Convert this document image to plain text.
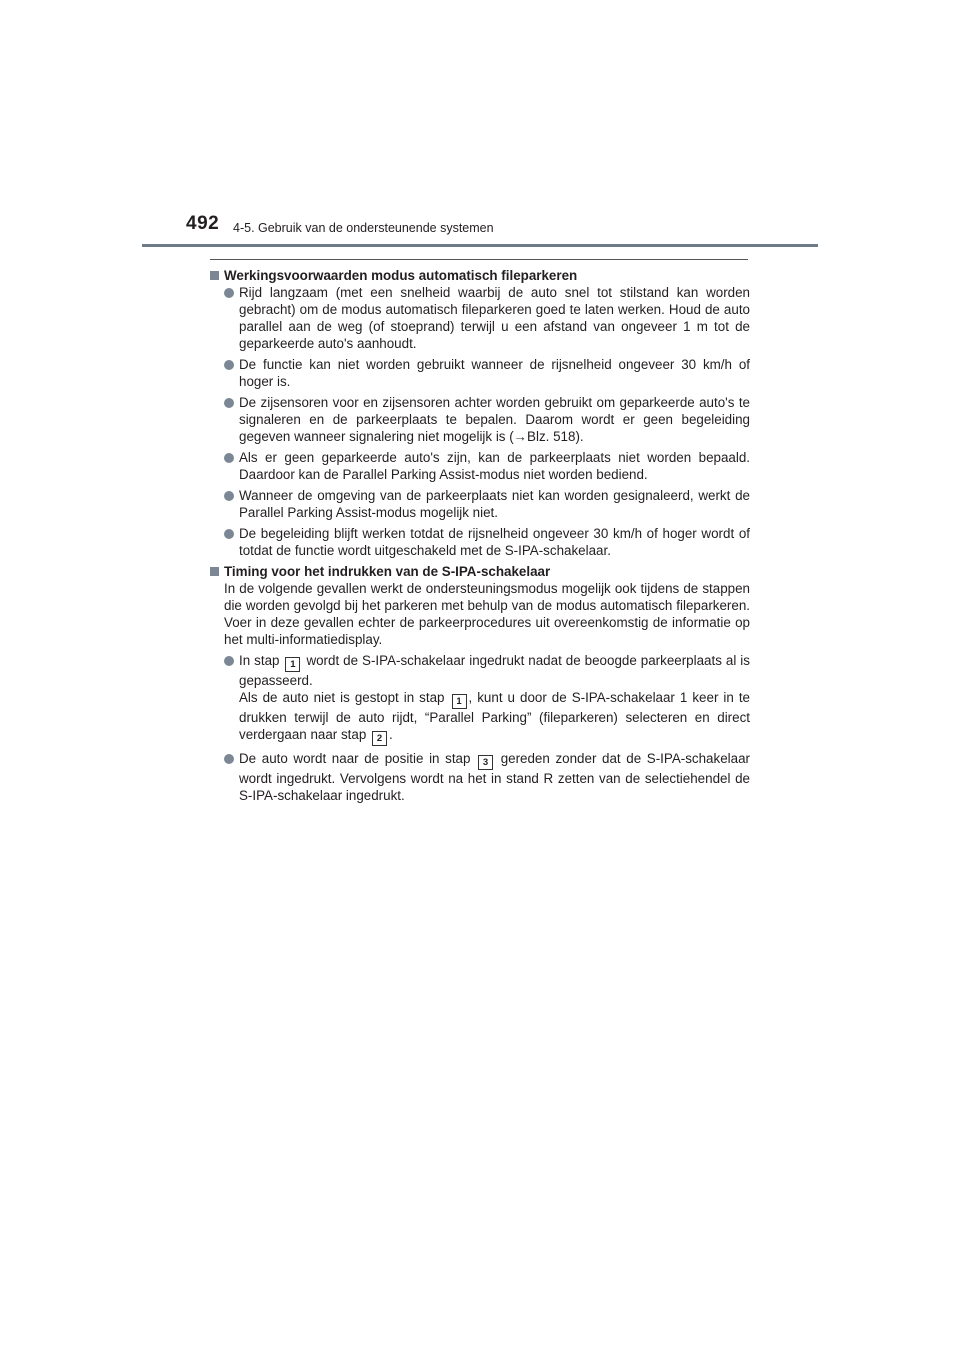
492 4-5. Gebruik van de ondersteunende systemen
Werkingsvoorwaarden modus automatisch fileparkeren
Rijd langzaam (met een snelheid waarbij de auto snel tot stilstand kan worden gebracht) om de modus automatisch fileparkeren goed te laten werken. Houd de auto parallel aan de weg (of stoeprand) terwijl u een afstand van ongeveer 1 m tot de geparkeerde auto's aanhoudt.
De functie kan niet worden gebruikt wanneer de rijsnelheid ongeveer 30 km/h of hoger is.
De zijsensoren voor en zijsensoren achter worden gebruikt om geparkeerde auto's te signaleren en de parkeerplaats te bepalen. Daarom wordt er geen begeleiding gegeven wanneer signalering niet mogelijk is (→Blz. 518).
Als er geen geparkeerde auto's zijn, kan de parkeerplaats niet worden bepaald. Daardoor kan de Parallel Parking Assist-modus niet worden bediend.
Wanneer de omgeving van de parkeerplaats niet kan worden gesignaleerd, werkt de Parallel Parking Assist-modus mogelijk niet.
De begeleiding blijft werken totdat de rijsnelheid ongeveer 30 km/h of hoger wordt of totdat de functie wordt uitgeschakeld met de S-IPA-schakelaar.
Timing voor het indrukken van de S-IPA-schakelaar
In de volgende gevallen werkt de ondersteuningsmodus mogelijk ook tijdens de stappen die worden gevolgd bij het parkeren met behulp van de modus automatisch fileparkeren. Voer in deze gevallen echter de parkeerprocedures uit overeenkomstig de informatie op het multi-informatiedisplay.
In stap 1 wordt de S-IPA-schakelaar ingedrukt nadat de beoogde parkeerplaats al is gepasseerd.
Als de auto niet is gestopt in stap 1 , kunt u door de S-IPA-schakelaar 1 keer in te drukken terwijl de auto rijdt, “Parallel Parking” (fileparkeren) selecteren en direct verdergaan naar stap 2 .
De auto wordt naar de positie in stap 3 gereden zonder dat de S-IPA-schakelaar wordt ingedrukt. Vervolgens wordt na het in stand R zetten van de selectiehendel de S-IPA-schakelaar ingedrukt.
